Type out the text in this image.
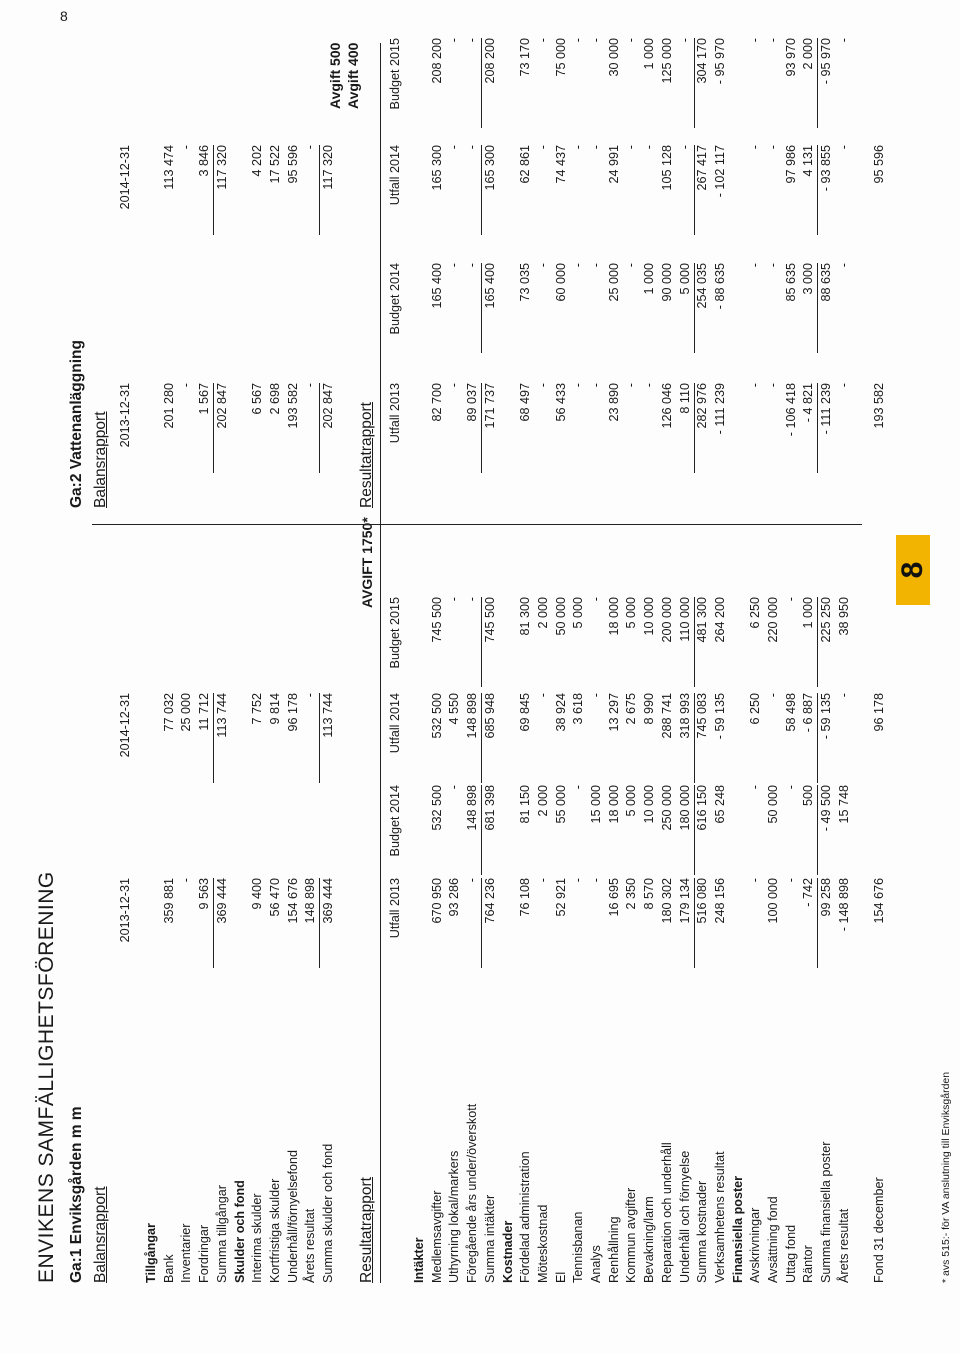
ENVIKENS SAMFÄLLIGHETSFÖRENING Ga:1 Enviksgården m m Balansrapport	Resultatrapport
AVGIFT 1750*
Ga:2 Vattenanläggning Balansrapport	Resultatrapport
Avgift 500 Avgift 400
8
* avs 515:- för VA anslutning till Enviksgården
2013-12-31
2014-12-31
Tillgångar Bank
359 881
77 032
Inventarier
-
25 000
Fordringar
9 563
11 712
Summa tillgångar
369 444
113 744
Skulder och fond Interima skulder
9 400
7 752
Kortfristiga skulder
56 470
9 814
Underhåll/förnyelsefond
154 676
96 178
Årets resultat
148 898
-
Summa skulder och fond
369 444
113 744
Utfall 2013
Budget 2014
Utfall 2014
Budget 2015
Intäkter Medlemsavgifter
670 950
532 500
532 500
745 500
Uthyrning lokal/markers
93 286
-
4 550
-
Föregående års under/överskott
-
148 898
148 898
-
Summa intäkter
764 236
681 398
685 948
745 500
Kostnader Fördelad administration
76 108
81 150
69 845
81 300
Möteskostnad
-
2 000
-
2 000
El
52 921
55 000
38 924
50 000
Tennisbanan
-
-
3 618
5 000
Analys
-
15 000
-
-
Renhållning
16 695
18 000
13 297
18 000
Kommun avgifter
2 350
5 000
2 675
5 000
Bevakning/larm
8 570
10 000
8 990
10 000
Reparation och underhåll
180 302
250 000
288 741
200 000
Underhåll och förnyelse
179 134
180 000
318 993
110 000
Summa kostnader
516 080
616 150
745 083
481 300
Verksamhetens resultat
248 156
65 248
- 59 135
264 200
Finansiella poster Avskrivningar
-
-
6 250
6 250
Avsättning fond
100 000
50 000
-
220 000
Uttag fond
-
-
58 498
-
Räntor
- 742
500
- 6 887
1 000
Summa finansiella poster
99 258
- 49 500
- 59 135
225 250
Årets resultat
- 148 898
15 748
-
38 950
Fond 31 december
154 676
96 178
2013-12-31
2014-12-31
201 280
113 474
-
-
1 567
3 846
202 847
117 320
6 567
4 202
2 698
17 522
193 582
95 596
-
-
202 847
117 320
Utfall 2013
Budget 2014
Utfall 2014
Budget 2015
82 700
165 400
165 300
208 200
-
-
-
-
89 037
-
-
-
171 737
165 400
165 300
208 200
68 497
73 035
62 861
73 170
-
-
-
-
56 433
60 000
74 437
75 000
-
-
-
-
-
-
-
-
23 890
25 000
24 991
30 000
-
-
-
-
-
1 000
-
1 000
126 046
90 000
105 128
125 000
8 110
5 000
-
-
282 976
254 035
267 417
304 170
- 111 239
- 88 635
- 102 117
- 95 970
-
-
-
-
-
-
-
-
- 106 418
85 635
97 986
93 970
- 4 821
3 000
4 131
2 000
- 111 239
88 635
- 93 855
- 95 970
-
-
-
-
193 582
95 596
8
